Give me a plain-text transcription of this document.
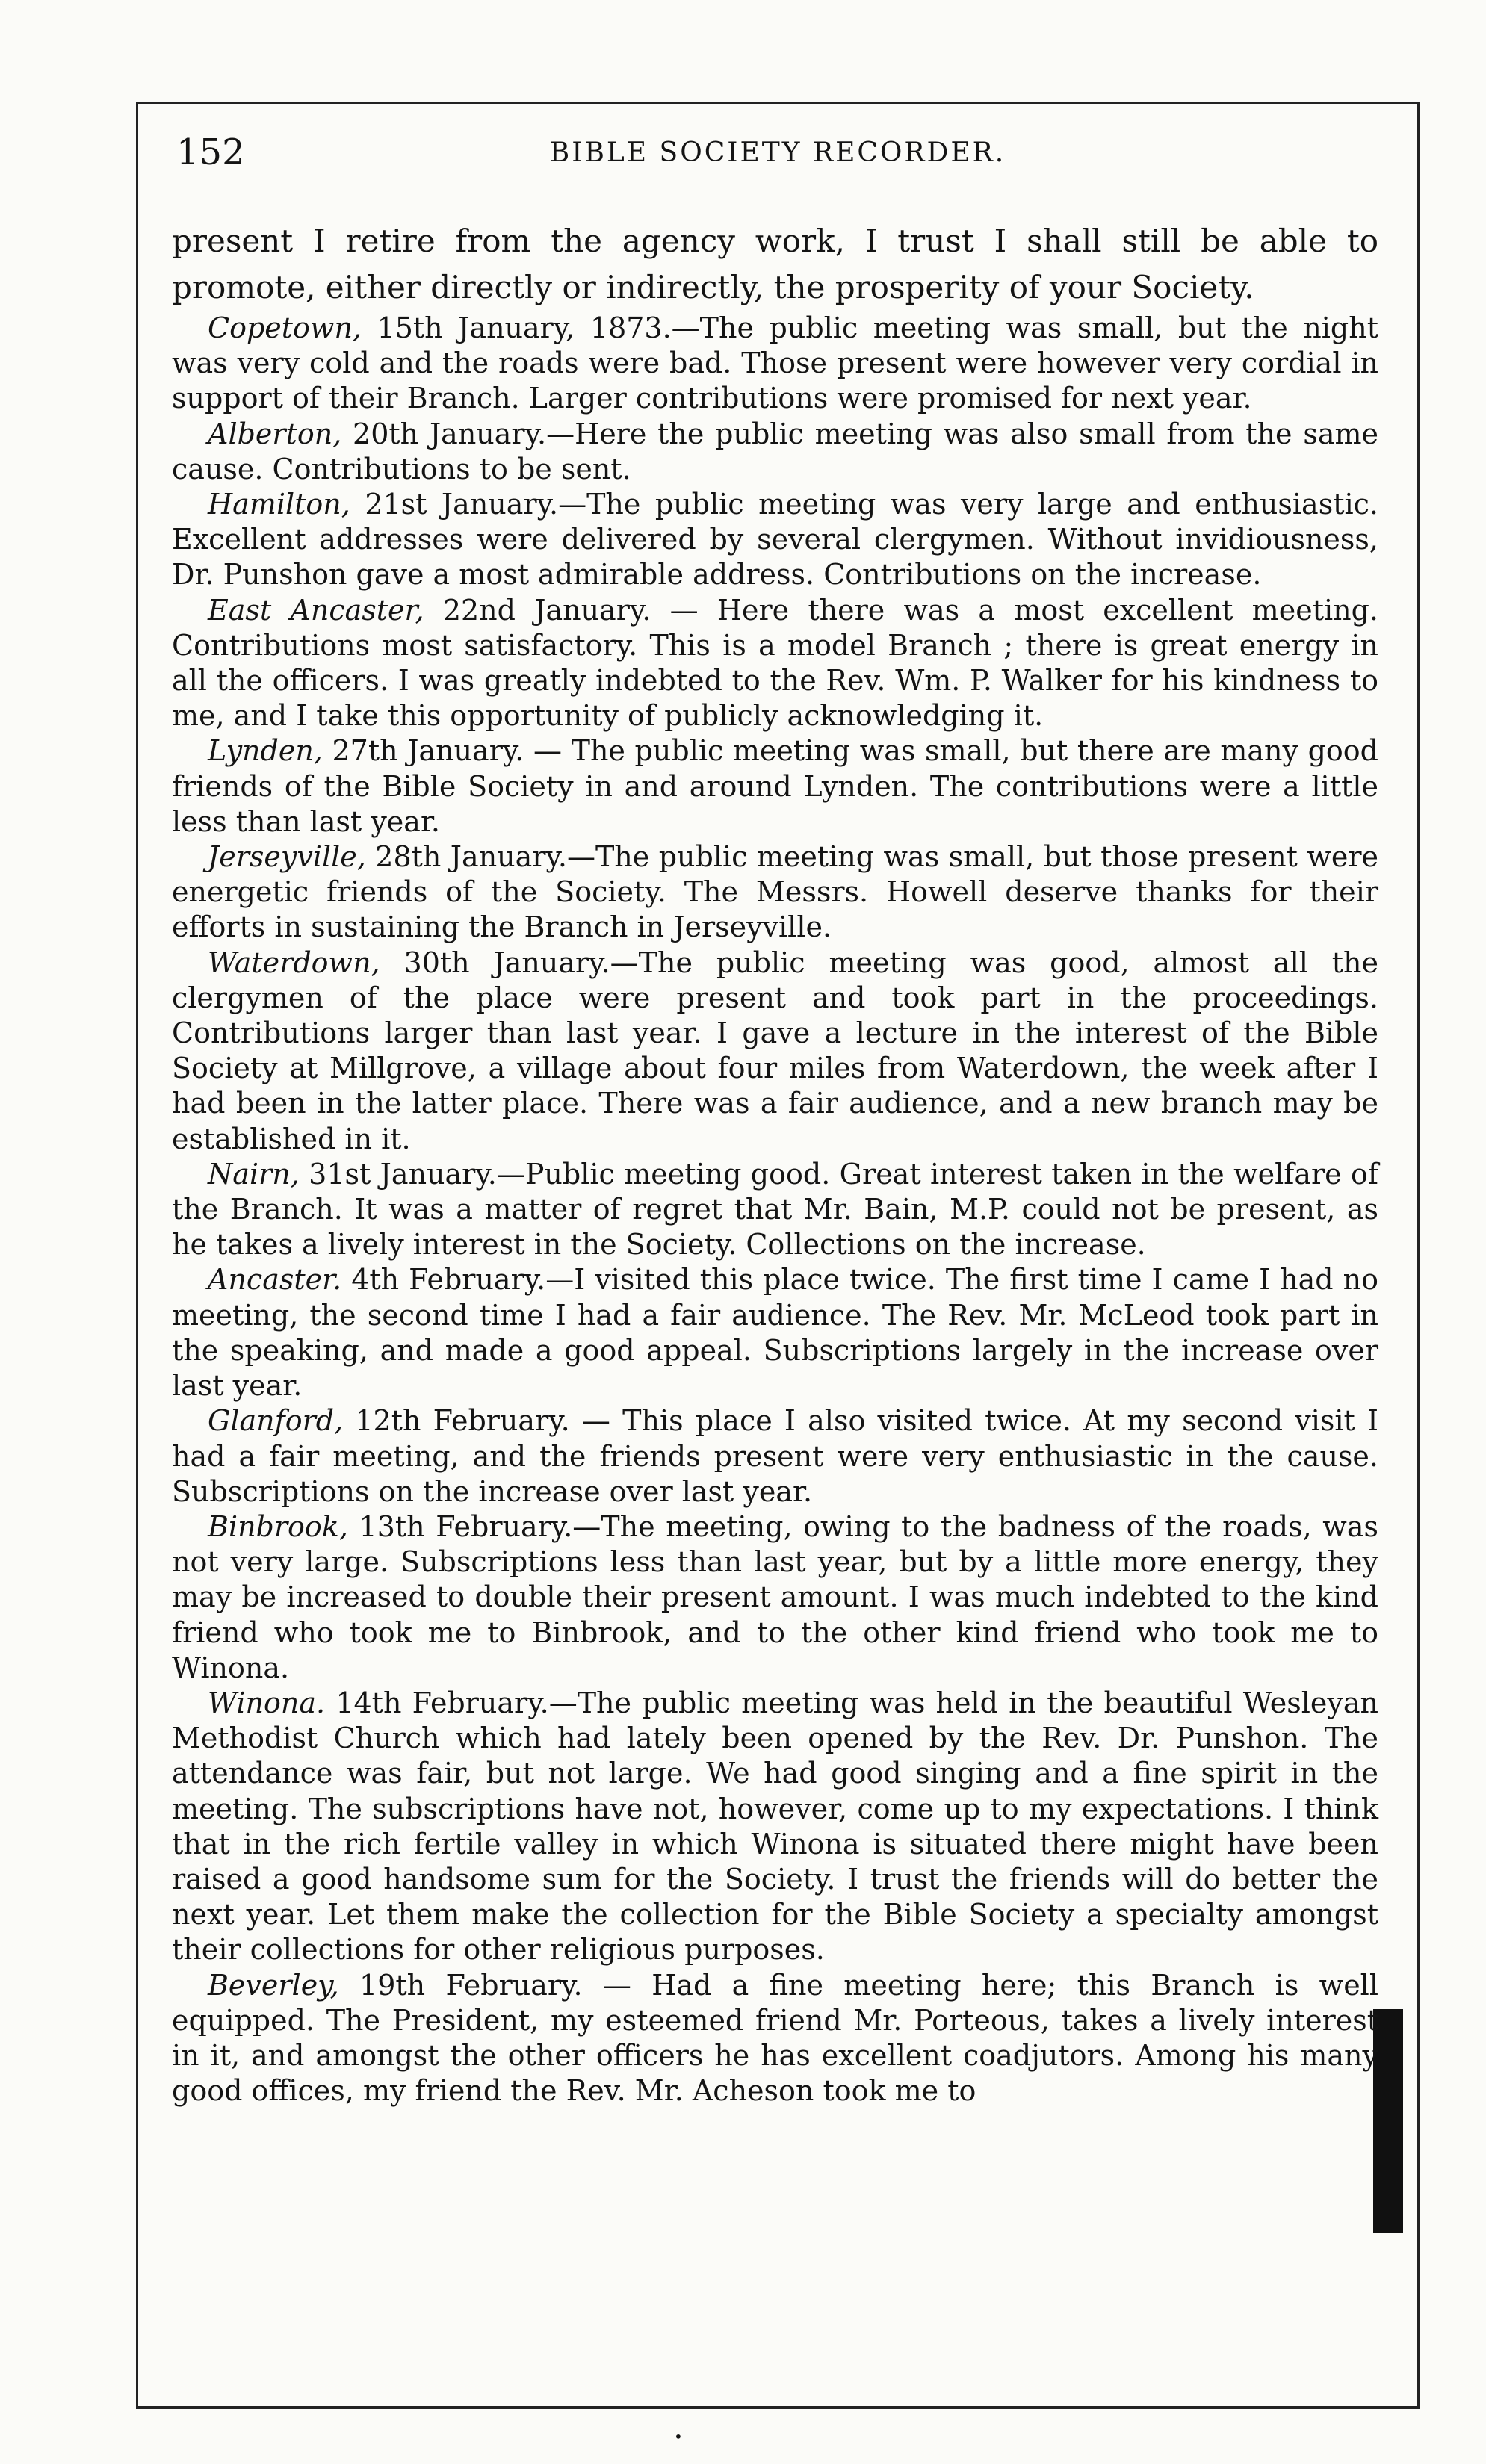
152	BIBLE SOCIETY RECORDER.

present I retire from the agency work, I trust I shall still be able to promote, either directly or indirectly, the prosperity of your Society.

Copetown, 15th January, 1873.—The public meeting was small, but the night was very cold and the roads were bad. Those present were however very cordial in support of their Branch. Larger contributions were promised for next year.

Alberton, 20th January.—Here the public meeting was also small from the same cause. Contributions to be sent.

Hamilton, 21st January.—The public meeting was very large and enthusiastic. Excellent addresses were delivered by several clergymen. Without invidiousness, Dr. Punshon gave a most admirable address. Contributions on the increase.

East Ancaster, 22nd January. — Here there was a most excellent meeting. Contributions most satisfactory. This is a model Branch ; there is great energy in all the officers. I was greatly indebted to the Rev. Wm. P. Walker for his kindness to me, and I take this opportunity of publicly acknowledging it.

Lynden, 27th January. — The public meeting was small, but there are many good friends of the Bible Society in and around Lynden. The contributions were a little less than last year.

Jerseyville, 28th January.—The public meeting was small, but those present were energetic friends of the Society. The Messrs. Howell deserve thanks for their efforts in sustaining the Branch in Jerseyville.

Waterdown, 30th January.—The public meeting was good, almost all the clergymen of the place were present and took part in the proceedings. Contributions larger than last year. I gave a lecture in the interest of the Bible Society at Millgrove, a village about four miles from Waterdown, the week after I had been in the latter place. There was a fair audience, and a new branch may be established in it.

Nairn, 31st January.—Public meeting good. Great interest taken in the welfare of the Branch. It was a matter of regret that Mr. Bain, M.P. could not be present, as he takes a lively interest in the Society. Collections on the increase.

Ancaster. 4th February.—I visited this place twice. The first time I came I had no meeting, the second time I had a fair audience. The Rev. Mr. McLeod took part in the speaking, and made a good appeal. Subscriptions largely in the increase over last year.

Glanford, 12th February. — This place I also visited twice. At my second visit I had a fair meeting, and the friends present were very enthusiastic in the cause. Subscriptions on the increase over last year.

Binbrook, 13th February.—The meeting, owing to the badness of the roads, was not very large. Subscriptions less than last year, but by a little more energy, they may be increased to double their present amount. I was much indebted to the kind friend who took me to Binbrook, and to the other kind friend who took me to Winona.

Winona. 14th February.—The public meeting was held in the beautiful Wesleyan Methodist Church which had lately been opened by the Rev. Dr. Punshon. The attendance was fair, but not large. We had good singing and a fine spirit in the meeting. The subscriptions have not, however, come up to my expectations. I think that in the rich fertile valley in which Winona is situated there might have been raised a good handsome sum for the Society. I trust the friends will do better the next year. Let them make the collection for the Bible Society a specialty amongst their collections for other religious purposes.

Beverley, 19th February. — Had a fine meeting here; this Branch is well equipped. The President, my esteemed friend Mr. Porteous, takes a lively interest in it, and amongst the other officers he has excellent coadjutors. Among his many good offices, my friend the Rev. Mr. Acheson took me to

•
